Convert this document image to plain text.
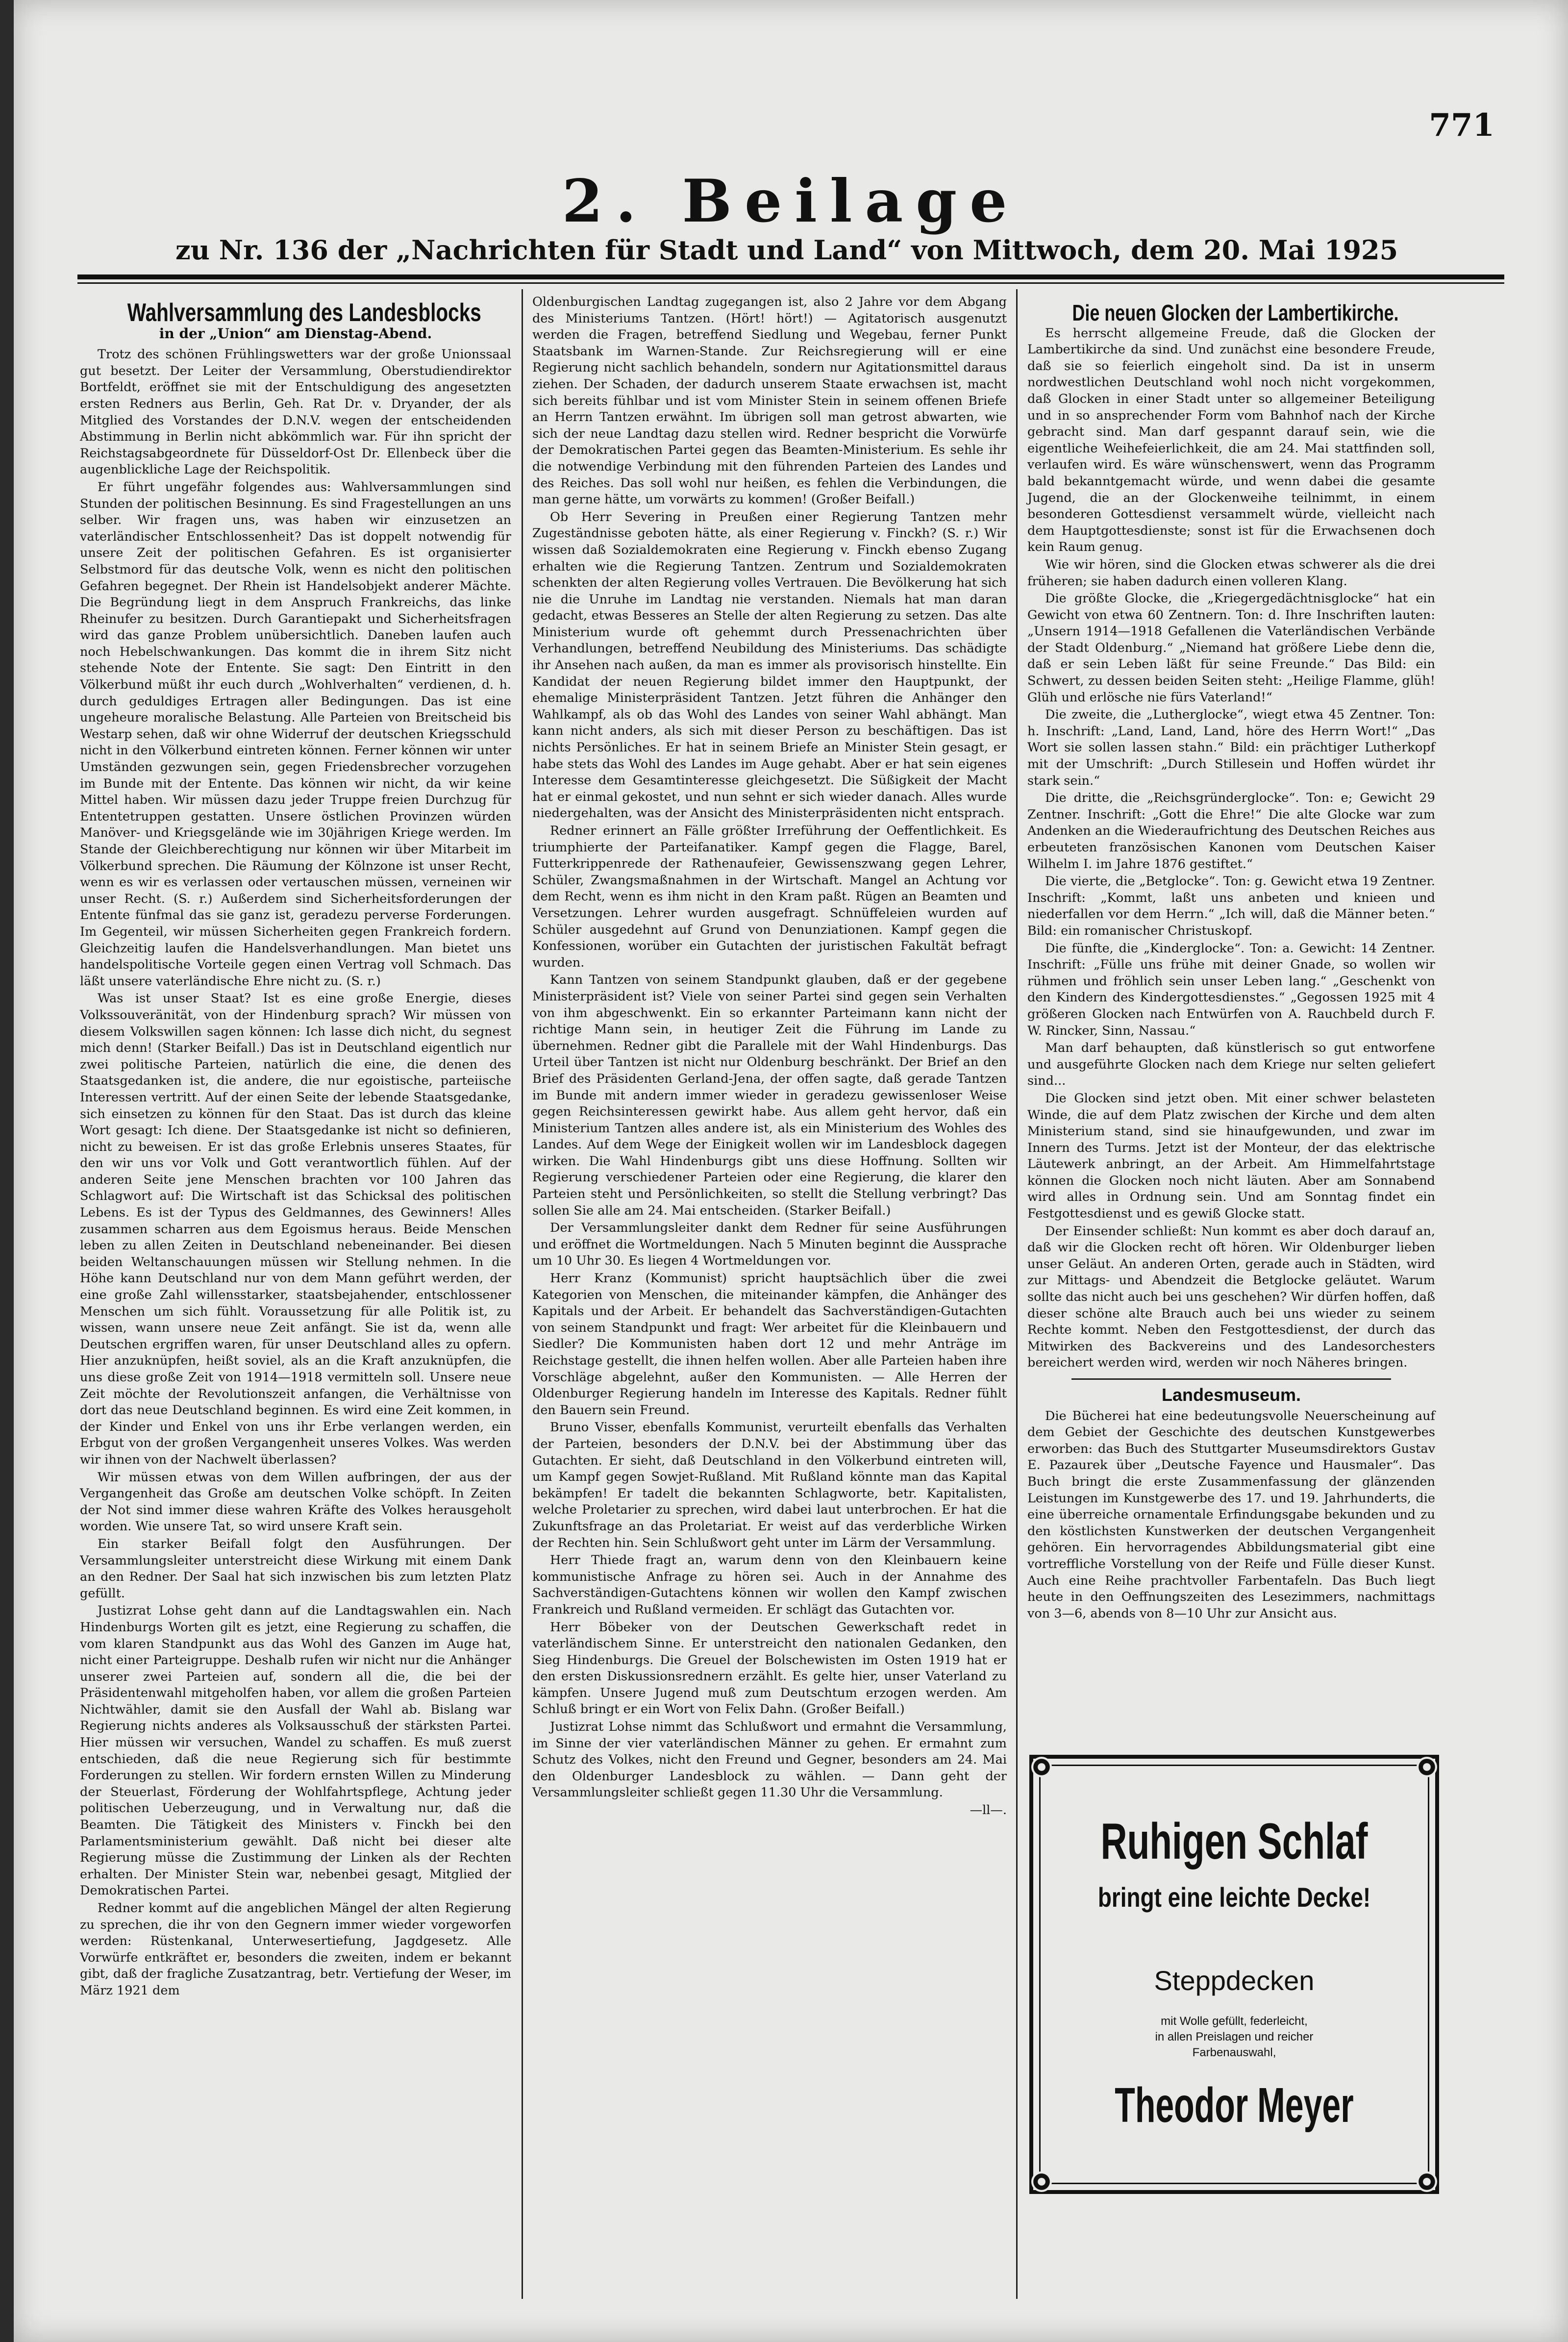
771
2. Beilage
zu Nr. 136 der „Nachrichten für Stadt und Land“ von Mittwoch, dem 20. Mai 1925
Wahlversammlung des Landesblocks

in der „Union“ am Dienstag-Abend.

Trotz des schönen Frühlingswetters war der große Unionssaal gut besetzt. Der Leiter der Versammlung, Oberstudiendirektor Bortfeldt, eröffnet sie mit der Entschuldigung des angesetzten ersten Redners aus Berlin, Geh. Rat Dr. v. Dryander, der als Mitglied des Vorstandes der D.N.V. wegen der entscheidenden Abstimmung in Berlin nicht abkömmlich war. Für ihn spricht der Reichstagsabgeordnete für Düsseldorf-Ost Dr. Ellenbeck über die augenblickliche Lage der Reichspolitik.

Er führt ungefähr folgendes aus: Wahlversammlungen sind Stunden der politischen Besinnung. Es sind Fragestellungen an uns selber. Wir fragen uns, was haben wir einzusetzen an vaterländischer Entschlossenheit? Das ist doppelt notwendig für unsere Zeit der politischen Gefahren. Es ist organisierter Selbstmord für das deutsche Volk, wenn es nicht den politischen Gefahren begegnet. Der Rhein ist Handelsobjekt anderer Mächte. Die Begründung liegt in dem Anspruch Frankreichs, das linke Rheinufer zu besitzen. Durch Garantiepakt und Sicherheitsfragen wird das ganze Problem unübersichtlich. Daneben laufen auch noch Hebelschwankungen. Das kommt die in ihrem Sitz nicht stehende Note der Entente. Sie sagt: Den Eintritt in den Völkerbund müßt ihr euch durch „Wohlverhalten“ verdienen, d. h. durch geduldiges Ertragen aller Bedingungen. Das ist eine ungeheure moralische Belastung. Alle Parteien von Breitscheid bis Westarp sehen, daß wir ohne Widerruf der deutschen Kriegsschuld nicht in den Völkerbund eintreten können. Ferner können wir unter Umständen gezwungen sein, gegen Friedensbrecher vorzugehen im Bunde mit der Entente. Das können wir nicht, da wir keine Mittel haben. Wir müssen dazu jeder Truppe freien Durchzug für Ententetruppen gestatten. Unsere östlichen Provinzen würden Manöver- und Kriegsgelände wie im 30jährigen Kriege werden. Im Stande der Gleichberechtigung nur können wir über Mitarbeit im Völkerbund sprechen. Die Räumung der Kölnzone ist unser Recht, wenn es wir es verlassen oder vertauschen müssen, verneinen wir unser Recht. (S. r.) Außerdem sind Sicherheitsforderungen der Entente fünfmal das sie ganz ist, geradezu perverse Forderungen. Im Gegenteil, wir müssen Sicherheiten gegen Frankreich fordern. Gleichzeitig laufen die Handelsverhandlungen. Man bietet uns handelspolitische Vorteile gegen einen Vertrag voll Schmach. Das läßt unsere vaterländische Ehre nicht zu. (S. r.)

Was ist unser Staat? Ist es eine große Energie, dieses Volkssouveränität, von der Hindenburg sprach? Wir müssen von diesem Volkswillen sagen können: Ich lasse dich nicht, du segnest mich denn! (Starker Beifall.) Das ist in Deutschland eigentlich nur zwei politische Parteien, natürlich die eine, die denen des Staatsgedanken ist, die andere, die nur egoistische, parteiische Interessen vertritt. Auf der einen Seite der lebende Staatsgedanke, sich einsetzen zu können für den Staat. Das ist durch das kleine Wort gesagt: Ich diene. Der Staatsgedanke ist nicht so definieren, nicht zu beweisen. Er ist das große Erlebnis unseres Staates, für den wir uns vor Volk und Gott verantwortlich fühlen. Auf der anderen Seite jene Menschen brachten vor 100 Jahren das Schlagwort auf: Die Wirtschaft ist das Schicksal des politischen Lebens. Es ist der Typus des Geldmannes, des Gewinners! Alles zusammen scharren aus dem Egoismus heraus. Beide Menschen leben zu allen Zeiten in Deutschland nebeneinander. Bei diesen beiden Weltanschauungen müssen wir Stellung nehmen. In die Höhe kann Deutschland nur von dem Mann geführt werden, der eine große Zahl willensstarker, staatsbejahender, entschlossener Menschen um sich fühlt. Voraussetzung für alle Politik ist, zu wissen, wann unsere neue Zeit anfängt. Sie ist da, wenn alle Deutschen ergriffen waren, für unser Deutschland alles zu opfern. Hier anzuknüpfen, heißt soviel, als an die Kraft anzuknüpfen, die uns diese große Zeit von 1914—1918 vermitteln soll. Unsere neue Zeit möchte der Revolutionszeit anfangen, die Verhältnisse von dort das neue Deutschland beginnen. Es wird eine Zeit kommen, in der Kinder und Enkel von uns ihr Erbe verlangen werden, ein Erbgut von der großen Vergangenheit unseres Volkes. Was werden wir ihnen von der Nachwelt überlassen?

Wir müssen etwas von dem Willen aufbringen, der aus der Vergangenheit das Große am deutschen Volke schöpft. In Zeiten der Not sind immer diese wahren Kräfte des Volkes herausgeholt worden. Wie unsere Tat, so wird unsere Kraft sein.

Ein starker Beifall folgt den Ausführungen. Der Versammlungsleiter unterstreicht diese Wirkung mit einem Dank an den Redner. Der Saal hat sich inzwischen bis zum letzten Platz gefüllt.

Justizrat Lohse geht dann auf die Landtagswahlen ein. Nach Hindenburgs Worten gilt es jetzt, eine Regierung zu schaffen, die vom klaren Standpunkt aus das Wohl des Ganzen im Auge hat, nicht einer Parteigruppe. Deshalb rufen wir nicht nur die Anhänger unserer zwei Parteien auf, sondern all die, die bei der Präsidentenwahl mitgeholfen haben, vor allem die großen Parteien Nichtwähler, damit sie den Ausfall der Wahl ab. Bislang war Regierung nichts anderes als Volksausschuß der stärksten Partei. Hier müssen wir versuchen, Wandel zu schaffen. Es muß zuerst entschieden, daß die neue Regierung sich für bestimmte Forderungen zu stellen. Wir fordern ernsten Willen zu Minderung der Steuerlast, Förderung der Wohlfahrtspflege, Achtung jeder politischen Ueberzeugung, und in Verwaltung nur, daß die Beamten. Die Tätigkeit des Ministers v. Finckh bei den Parlamentsministerium gewählt. Daß nicht bei dieser alte Regierung müsse die Zustimmung der Linken als der Rechten erhalten. Der Minister Stein war, nebenbei gesagt, Mitglied der Demokratischen Partei.

Redner kommt auf die angeblichen Mängel der alten Regierung zu sprechen, die ihr von den Gegnern immer wieder vorgeworfen werden: Rüstenkanal, Unterwesertiefung, Jagdgesetz. Alle Vorwürfe entkräftet er, besonders die zweiten, indem er bekannt gibt, daß der fragliche Zusatzantrag, betr. Vertiefung der Weser, im März 1921 dem

Oldenburgischen Landtag zugegangen ist, also 2 Jahre vor dem Abgang des Ministeriums Tantzen. (Hört! hört!) — Agitatorisch ausgenutzt werden die Fragen, betreffend Siedlung und Wegebau, ferner Punkt Staatsbank im Warnen-Stande. Zur Reichsregierung will er eine Regierung nicht sachlich behandeln, sondern nur Agitationsmittel daraus ziehen. Der Schaden, der dadurch unserem Staate erwachsen ist, macht sich bereits fühlbar und ist vom Minister Stein in seinem offenen Briefe an Herrn Tantzen erwähnt. Im übrigen soll man getrost abwarten, wie sich der neue Landtag dazu stellen wird. Redner bespricht die Vorwürfe der Demokratischen Partei gegen das Beamten-Ministerium. Es sehle ihr die notwendige Verbindung mit den führenden Parteien des Landes und des Reiches. Das soll wohl nur heißen, es fehlen die Verbindungen, die man gerne hätte, um vorwärts zu kommen! (Großer Beifall.)

Ob Herr Severing in Preußen einer Regierung Tantzen mehr Zugeständnisse geboten hätte, als einer Regierung v. Finckh? (S. r.) Wir wissen daß Sozialdemokraten eine Regierung v. Finckh ebenso Zugang erhalten wie die Regierung Tantzen. Zentrum und Sozialdemokraten schenkten der alten Regierung volles Vertrauen. Die Bevölkerung hat sich nie die Unruhe im Landtag nie verstanden. Niemals hat man daran gedacht, etwas Besseres an Stelle der alten Regierung zu setzen. Das alte Ministerium wurde oft gehemmt durch Pressenachrichten über Verhandlungen, betreffend Neubildung des Ministeriums. Das schädigte ihr Ansehen nach außen, da man es immer als provisorisch hinstellte. Ein Kandidat der neuen Regierung bildet immer den Hauptpunkt, der ehemalige Ministerpräsident Tantzen. Jetzt führen die Anhänger den Wahlkampf, als ob das Wohl des Landes von seiner Wahl abhängt. Man kann nicht anders, als sich mit dieser Person zu beschäftigen. Das ist nichts Persönliches. Er hat in seinem Briefe an Minister Stein gesagt, er habe stets das Wohl des Landes im Auge gehabt. Aber er hat sein eigenes Interesse dem Gesamtinteresse gleichgesetzt. Die Süßigkeit der Macht hat er einmal gekostet, und nun sehnt er sich wieder danach. Alles wurde niedergehalten, was der Ansicht des Ministerpräsidenten nicht entsprach.

Redner erinnert an Fälle größter Irreführung der Oeffentlichkeit. Es triumphierte der Parteifanatiker. Kampf gegen die Flagge, Barel, Futterkrippenrede der Rathenaufeier, Gewissenszwang gegen Lehrer, Schüler, Zwangsmaßnahmen in der Wirtschaft. Mangel an Achtung vor dem Recht, wenn es ihm nicht in den Kram paßt. Rügen an Beamten und Versetzungen. Lehrer wurden ausgefragt. Schnüffeleien wurden auf Schüler ausgedehnt auf Grund von Denunziationen. Kampf gegen die Konfessionen, worüber ein Gutachten der juristischen Fakultät befragt wurden.

Kann Tantzen von seinem Standpunkt glauben, daß er der gegebene Ministerpräsident ist? Viele von seiner Partei sind gegen sein Verhalten von ihm abgeschwenkt. Ein so erkannter Parteimann kann nicht der richtige Mann sein, in heutiger Zeit die Führung im Lande zu übernehmen. Redner gibt die Parallele mit der Wahl Hindenburgs. Das Urteil über Tantzen ist nicht nur Oldenburg beschränkt. Der Brief an den Brief des Präsidenten Gerland-Jena, der offen sagte, daß gerade Tantzen im Bunde mit andern immer wieder in geradezu gewissenloser Weise gegen Reichsinteressen gewirkt habe. Aus allem geht hervor, daß ein Ministerium Tantzen alles andere ist, als ein Ministerium des Wohles des Landes. Auf dem Wege der Einigkeit wollen wir im Landesblock dagegen wirken. Die Wahl Hindenburgs gibt uns diese Hoffnung. Sollten wir Regierung verschiedener Parteien oder eine Regierung, die klarer den Parteien steht und Persönlichkeiten, so stellt die Stellung verbringt? Das sollen Sie alle am 24. Mai entscheiden. (Starker Beifall.)

Der Versammlungsleiter dankt dem Redner für seine Ausführungen und eröffnet die Wortmeldungen. Nach 5 Minuten beginnt die Aussprache um 10 Uhr 30. Es liegen 4 Wortmeldungen vor.

Herr Kranz (Kommunist) spricht hauptsächlich über die zwei Kategorien von Menschen, die miteinander kämpfen, die Anhänger des Kapitals und der Arbeit. Er behandelt das Sachverständigen-Gutachten von seinem Standpunkt und fragt: Wer arbeitet für die Kleinbauern und Siedler? Die Kommunisten haben dort 12 und mehr Anträge im Reichstage gestellt, die ihnen helfen wollen. Aber alle Parteien haben ihre Vorschläge abgelehnt, außer den Kommunisten. — Alle Herren der Oldenburger Regierung handeln im Interesse des Kapitals. Redner fühlt den Bauern sein Freund.

Bruno Visser, ebenfalls Kommunist, verurteilt ebenfalls das Verhalten der Parteien, besonders der D.N.V. bei der Abstimmung über das Gutachten. Er sieht, daß Deutschland in den Völkerbund eintreten will, um Kampf gegen Sowjet-Rußland. Mit Rußland könnte man das Kapital bekämpfen! Er tadelt die bekannten Schlagworte, betr. Kapitalisten, welche Proletarier zu sprechen, wird dabei laut unterbrochen. Er hat die Zukunftsfrage an das Proletariat. Er weist auf das verderbliche Wirken der Rechten hin. Sein Schlußwort geht unter im Lärm der Versammlung.

Herr Thiede fragt an, warum denn von den Kleinbauern keine kommunistische Anfrage zu hören sei. Auch in der Annahme des Sachverständigen-Gutachtens können wir wollen den Kampf zwischen Frankreich und Rußland vermeiden. Er schlägt das Gutachten vor.

Herr Böbeker von der Deutschen Gewerkschaft redet in vaterländischem Sinne. Er unterstreicht den nationalen Gedanken, den Sieg Hindenburgs. Die Greuel der Bolschewisten im Osten 1919 hat er den ersten Diskussionsrednern erzählt. Es gelte hier, unser Vaterland zu kämpfen. Unsere Jugend muß zum Deutschtum erzogen werden. Am Schluß bringt er ein Wort von Felix Dahn. (Großer Beifall.)

Justizrat Lohse nimmt das Schlußwort und ermahnt die Versammlung, im Sinne der vier vaterländischen Männer zu gehen. Er ermahnt zum Schutz des Volkes, nicht den Freund und Gegner, besonders am 24. Mai den Oldenburger Landesblock zu wählen. — Dann geht der Versammlungsleiter schließt gegen 11.30 Uhr die Versammlung.

—ll—.

Die neuen Glocken der Lambertikirche.

Es herrscht allgemeine Freude, daß die Glocken der Lambertikirche da sind. Und zunächst eine besondere Freude, daß sie so feierlich eingeholt sind. Da ist in unserm nordwestlichen Deutschland wohl noch nicht vorgekommen, daß Glocken in einer Stadt unter so allgemeiner Beteiligung und in so ansprechender Form vom Bahnhof nach der Kirche gebracht sind. Man darf gespannt darauf sein, wie die eigentliche Weihefeierlichkeit, die am 24. Mai stattfinden soll, verlaufen wird. Es wäre wünschenswert, wenn das Programm bald bekanntgemacht würde, und wenn dabei die gesamte Jugend, die an der Glockenweihe teilnimmt, in einem besonderen Gottesdienst versammelt würde, vielleicht nach dem Hauptgottesdienste; sonst ist für die Erwachsenen doch kein Raum genug.

Wie wir hören, sind die Glocken etwas schwerer als die drei früheren; sie haben dadurch einen volleren Klang.

Die größte Glocke, die „Kriegergedächtnisglocke“ hat ein Gewicht von etwa 60 Zentnern. Ton: d. Ihre Inschriften lauten: „Unsern 1914—1918 Gefallenen die Vaterländischen Verbände der Stadt Oldenburg.“ „Niemand hat größere Liebe denn die, daß er sein Leben läßt für seine Freunde.“ Das Bild: ein Schwert, zu dessen beiden Seiten steht: „Heilige Flamme, glüh! Glüh und erlösche nie fürs Vaterland!“

Die zweite, die „Lutherglocke“, wiegt etwa 45 Zentner. Ton: h. Inschrift: „Land, Land, Land, höre des Herrn Wort!“ „Das Wort sie sollen lassen stahn.“ Bild: ein prächtiger Lutherkopf mit der Umschrift: „Durch Stillesein und Hoffen würdet ihr stark sein.“

Die dritte, die „Reichsgründerglocke“. Ton: e; Gewicht 29 Zentner. Inschrift: „Gott die Ehre!“ Die alte Glocke war zum Andenken an die Wiederaufrichtung des Deutschen Reiches aus erbeuteten französischen Kanonen vom Deutschen Kaiser Wilhelm I. im Jahre 1876 gestiftet.“

Die vierte, die „Betglocke“. Ton: g. Gewicht etwa 19 Zentner. Inschrift: „Kommt, laßt uns anbeten und knieen und niederfallen vor dem Herrn.“ „Ich will, daß die Männer beten.“ Bild: ein romanischer Christuskopf.

Die fünfte, die „Kinderglocke“. Ton: a. Gewicht: 14 Zentner. Inschrift: „Fülle uns frühe mit deiner Gnade, so wollen wir rühmen und fröhlich sein unser Leben lang.“ „Geschenkt von den Kindern des Kindergottesdienstes.“ „Gegossen 1925 mit 4 größeren Glocken nach Entwürfen von A. Rauchbeld durch F. W. Rincker, Sinn, Nassau.“

Man darf behaupten, daß künstlerisch so gut entworfene und ausgeführte Glocken nach dem Kriege nur selten geliefert sind...

Die Glocken sind jetzt oben. Mit einer schwer belasteten Winde, die auf dem Platz zwischen der Kirche und dem alten Ministerium stand, sind sie hinaufgewunden, und zwar im Innern des Turms. Jetzt ist der Monteur, der das elektrische Läutewerk anbringt, an der Arbeit. Am Himmelfahrtstage können die Glocken noch nicht läuten. Aber am Sonnabend wird alles in Ordnung sein. Und am Sonntag findet ein Festgottesdienst und es gewiß Glocke statt.

Der Einsender schließt: Nun kommt es aber doch darauf an, daß wir die Glocken recht oft hören. Wir Oldenburger lieben unser Geläut. An anderen Orten, gerade auch in Städten, wird zur Mittags- und Abendzeit die Betglocke geläutet. Warum sollte das nicht auch bei uns geschehen? Wir dürfen hoffen, daß dieser schöne alte Brauch auch bei uns wieder zu seinem Rechte kommt. Neben den Festgottesdienst, der durch das Mitwirken des Backvereins und des Landesorchesters bereichert werden wird, werden wir noch Näheres bringen.

Landesmuseum.

Die Bücherei hat eine bedeutungsvolle Neuerscheinung auf dem Gebiet der Geschichte des deutschen Kunstgewerbes erworben: das Buch des Stuttgarter Museumsdirektors Gustav E. Pazaurek über „Deutsche Fayence und Hausmaler“. Das Buch bringt die erste Zusammenfassung der glänzenden Leistungen im Kunstgewerbe des 17. und 19. Jahrhunderts, die eine überreiche ornamentale Erfindungsgabe bekunden und zu den köstlichsten Kunstwerken der deutschen Vergangenheit gehören. Ein hervorragendes Abbildungsmaterial gibt eine vortreffliche Vorstellung von der Reife und Fülle dieser Kunst. Auch eine Reihe prachtvoller Farbentafeln. Das Buch liegt heute in den Oeffnungszeiten des Lesezimmers, nachmittags von 3—6, abends von 8—10 Uhr zur Ansicht aus.

Ruhigen Schlaf
bringt eine leichte Decke!
Steppdecken
mit Wolle gefüllt, federleicht,
in allen Preislagen und reicher
Farbenauswahl,
Theodor Meyer
